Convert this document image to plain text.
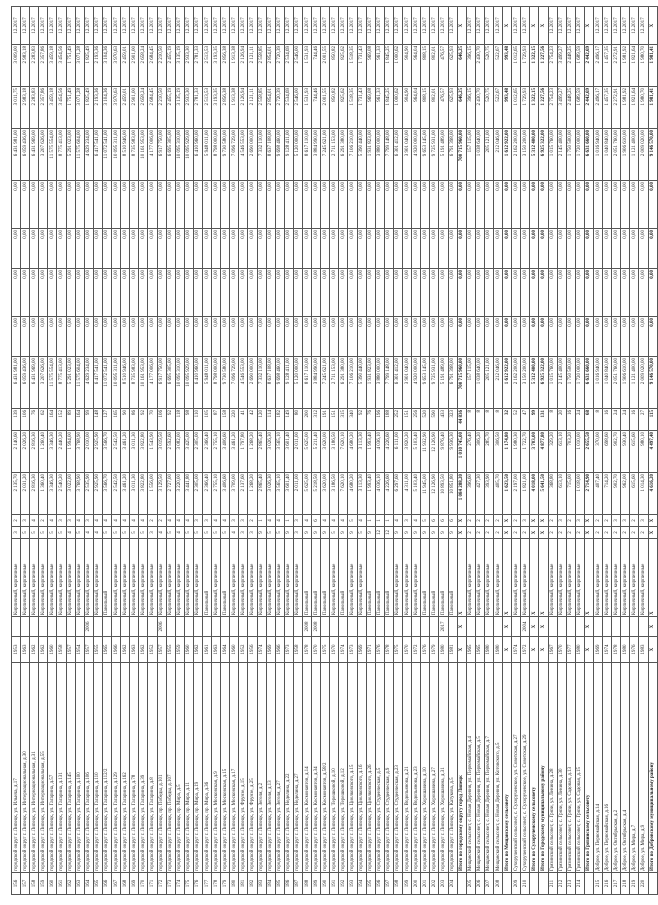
156	городской округ г. Липецк, ул. Ильича, д.17	1953		Кирпичный, кирпичные	3	2	2 135,70	2 140,60	139	6 431 981,00	0,00	0,00	0,00	0,00	6 431 981,00	3 011,75	3 009,00	12.2017
157	городской округ г. Липецк, ул. Интернациональная, д.30	1963		Кирпичный, кирпичные	5	3	2 031,20	2 026,20	106	6 059 436,00	0,00	0,00	0,00	0,00	6 059 436,00	2 983,18	2 983,18	12.2017
158	городской округ г. Липецк, ул. Интернациональная, д.31	1962		Кирпичный, кирпичные	5	4	2 816,30	2 816,30	76	6 431 969,00	0,00	0,00	0,00	0,00	6 431 969,00	2 283,83	2 283,83	12.2017
159	городской округ г. Липецк, ул. Интернациональная, д.55	1962		Кирпичный, кирпичные	5	2	1 360,40	1 260,40	62	3 207 626,00	0,00	0,00	0,00	0,00	3 207 626,00	2 357,86	2 357,86	12.2017
160	городской округ г. Липецк, ул. Гагарина, д.57	1960		Кирпичный, кирпичные	5	4	3 346,30	3 346,30	164	11 575 554,00	0,00	0,00	0,00	0,00	11 575 554,00	3 459,18	3 459,18	12.2017
161	городской округ г. Липецк, ул. Гагарина, д.131	1958		Кирпичный, кирпичные	5	3	2 540,20	2 440,20	152	8 775 413,00	0,00	0,00	0,00	0,00	8 775 413,00	3 454,56	3 454,56	12.2017
162	городской округ г. Липецк, ул. Гагарина, д.145	1957		Кирпичный, кирпичные	4	3	3 022,00	1 994,00	89	5 291 023,00	0,00	0,00	0,00	0,00	5 291 023,00	1 751,49	1 751,49	12.2017
163	городской округ г. Липецк, ул. Гагарина, д.100	1954		Кирпичный, кирпичные	5	4	3 768,90	3 768,90	164	11 575 604,00	0,00	0,00	0,00	0,00	11 575 604,00	3 071,28	3 071,28	12.2017
164	городской округ г. Липецк, ул. Гагарина, д.106	1957	2006	Кирпичный, кирпичные	4	3	2 535,90	2 010,00	99	4 629 234,00	0,00	0,00	0,00	0,00	4 629 234,00	1 825,49	1 825,49	12.2017
165	городской округ г. Липецк, ул. Гагарина, д.110	1955		Кирпичный, кирпичные	4	4	2 925,90	2 925,90	148	6 417 541,00	0,00	0,00	0,00	0,00	6 417 541,00	2 193,36	2 193,36	12.2017
166	городской округ г. Липецк, ул. Гагарина, д.112/2	1965		Панельный	5	4	3 566,70	3 566,70	127	11 072 541,00	0,00	0,00	0,00	0,00	11 072 541,00	3 104,36	3 104,36	12.2017
167	городской округ г. Липецк, ул. Гагарина, д.129	1966		Кирпичный, кирпичные	5	4	2 542,50	2 542,50	165	10 095 311,00	0,00	0,00	0,00	0,00	10 095 311,00	3 970,63	3 970,63	12.2017
168	городской округ г. Липецк, ул. Гагарина, д.162	1962		Кирпичный, кирпичные	5	4	3 461,20	3 461,20	90	8 510 946,00	0,00	0,00	0,00	0,00	8 510 946,00	2 459,01	2 459,01	12.2017
169	городской округ г. Липецк, ул. Гагарина, д.78	1963		Кирпичный, кирпичные	5	4	3 011,30	3 011,30	86	8 735 983,00	0,00	0,00	0,00	0,00	8 735 983,00	2 901,00	2 901,00	12.2017
170	городской округ г. Липецк, ул. Гагарина, д.39	1962		Кирпичный, кирпичные	5	4	3 822,80	3 822,80	92	10 161 953,00	0,00	0,00	0,00	0,00	10 161 953,00	2 658,24	2 658,24	12.2017
171	городской округ г. Липецк, ул. Гагарина, д.8	1952		Кирпичный, кирпичные	3	2	1 556,00	1 543,90	70	4 177 006,00	0,00	0,00	0,00	0,00	4 177 006,00	2 684,45	2 684,45	12.2017
172	городской округ г. Липецк, пр. Победы, д.101	1957	2006	Кирпичный, кирпичные	4	2	3 129,50	3 019,50	106	6 917 750,00	0,00	0,00	0,00	0,00	6 917 750,00	2 210,50	2 210,50	12.2017
173	городской округ г. Липецк, пр. Победы, д.107	1955		Кирпичный, кирпичные	5	4	2 727,00	2 592,60	92	6 695 305,00	0,00	0,00	0,00	0,00	6 695 305,00	2 455,19	2 455,19	12.2017
174	городской округ г. Липецк, пр. Мира, д.5	1959		Кирпичный, кирпичные	4	4	3 220,00	3 082,00	118	10 095 310,00	0,00	0,00	0,00	0,00	10 095 310,00	3 135,19	3 135,19	12.2017
175	городской округ г. Липецк, пр. Мира, д.11	1960		Кирпичный, кирпичные	5	4	3 441,80	3 425,00	98	10 095 929,00	0,00	0,00	0,00	0,00	10 095 929,00	2 933,30	2 933,30	12.2017
176	городской округ г. Липецк, пр. Мира, д.19	1962		Кирпичный, кирпичные	5	3	2 305,00	2 305,00	110	6 410 960,00	0,00	0,00	0,00	0,00	6 410 960,00	2 781,33	2 781,33	12.2017
177	городской округ г. Липецк, пр. Мира, д.36	1961		Панельный	5	3	2 366,40	2 366,40	105	5 948 011,00	0,00	0,00	0,00	0,00	5 948 011,00	2 513,53	2 513,53	12.2017
178	городской округ г. Липецк, ул. Московская, д.9	1963		Кирпичный, кирпичные	5	4	2 755,10	2 755,10	87	8 798 000,00	0,00	0,00	0,00	0,00	8 798 000,00	3 193,35	3 193,35	12.2017
179	городской округ г. Липецк, ул. Московская, д.15	1964		Панельный	5	4	3 406,60	3 406,60	158	9 730 580,00	0,00	0,00	0,00	0,00	9 730 580,00	2 856,38	2 856,38	12.2017
180	городской округ г. Липецк, ул. Московская, д.17	1960		Кирпичный, кирпичные	4	3	3 709,00	3 461,20	220	7 096 729,00	0,00	0,00	0,00	0,00	7 096 729,00	1 913,38	1 913,38	12.2017
181	городской округ г. Липецк, ул. Фрунзе, д.15	1952		Кирпичный, кирпичные	3	3	2 137,60	1 797,80	41	4 546 553,00	0,00	0,00	0,00	0,00	4 546 553,00	2 126,94	2 126,94	12.2017
182	городской округ г. Липецк, ул. Фрунзе, д.25	1956		Кирпичный, кирпичные	3	2	1 268,20	1 268,20	42	2 690 000,00	0,00	0,00	0,00	0,00	2 690 000,00	2 121,11	2 121,11	12.2017
183	городской округ г. Липецк, ул. Зегеля, д.2	1974		Кирпичный, кирпичные	9	1	2 865,40	2 865,40	120	7 332 110,00	0,00	0,00	0,00	0,00	7 332 110,00	2 558,85	2 558,85	12.2017
184	городской округ г. Липецк, ул. Зегеля, д.13	1969		Кирпичный, кирпичные	5	4	3 026,30	3 026,30	114	8 637 108,00	0,00	0,00	0,00	0,00	8 637 108,00	2 854,01	2 854,01	12.2017
185	городской округ г. Липецк, ул. Зегеля, д.27	1966		Кирпичный, кирпичные	5	4	3 565,10	3 565,10	182	9 698 460,00	0,00	0,00	0,00	0,00	9 698 460,00	2 720,39	2 720,39	12.2017
186	городской округ г. Липецк, ул. Неделина, д.22	1973		Кирпичный, кирпичные	9	1	3 601,40	3 601,40	149	9 128 411,00	0,00	0,00	0,00	0,00	9 128 411,00	2 534,69	2 534,69	12.2017
187	городской округ г. Липецк, ул. Неделина, д.27	1958		Кирпичный, кирпичные	3	3	2 011,00	2 011,00	80	5 120 000,00	0,00	0,00	0,00	0,00	5 120 000,00	2 546,00	2 546,00	12.2017
188	городской округ г. Липецк, ул. Космонавтов, д.14	1978	2008	Панельный	9	4	5 625,00	5 625,00	200	8 617 110,00	0,00	0,00	0,00	0,00	8 617 110,00	1 531,93	1 531,93	12.2017
189	городской округ г. Липецк, ул. Космонавтов, д.34	1970	2008	Панельный	9	6	5 218,50	5 211,40	312	3 884 990,00	0,00	0,00	0,00	0,00	3 884 990,00	744,46	744,46	12.2017
190	городской округ г. Липецк, ул. Космонавтов, д.58/2	1975		Панельный	9	4	3 620,00	3 620,00	191	7 245 621,00	0,00	0,00	0,00	0,00	7 245 621,00	2 001,55	2 001,55	12.2017
191	городской округ г. Липецк, ул. Терешковой, д.10	1970		Кирпичный, кирпичные	5	4	3 186,50	3 186,50	151	2 711 153,00	0,00	0,00	0,00	0,00	2 711 153,00	850,82	850,82	12.2017
192	городской округ г. Липецк, ул. Терешковой, д.12	1974		Панельный	9	4	7 620,10	7 620,10	315	6 291 380,00	0,00	0,00	0,00	0,00	6 291 380,00	825,62	825,62	12.2017
193	городской округ г. Липецк, ул. Циолковского, д.15	1973		Кирпичный, кирпичные	9	5	4 680,20	4 680,20	340	7 106 210,00	0,00	0,00	0,00	0,00	7 106 210,00	1 518,35	1 518,35	12.2017
194	городской округ г. Липецк, ул. Циолковского, д.16	1969		Кирпичный, кирпичные	5	4	3 113,30	3 113,30	92	5 390 440,00	0,00	0,00	0,00	0,00	5 390 440,00	1 731,43	1 731,43	12.2017
195	городской округ г. Липецк, ул. Циолковского, д.26	1971		Панельный	9	1	1 993,40	1 993,40	76	1 931 823,00	0,00	0,00	0,00	0,00	1 931 823,00	969,08	969,08	12.2017
196	городской округ г. Липецк, ул. Студенческая, д.5	1976		Панельный	12	1	4 036,10	4 036,10	196	3 880 000,00	0,00	0,00	0,00	0,00	3 880 000,00	961,33	961,33	12.2017
197	городской округ г. Липецк, ул. Студенческая, д.9	1978		Панельный	12	1	4 226,60	4 226,60	188	7 799 148,00	0,00	0,00	0,00	0,00	7 799 148,00	1 845,25	1 845,25	12.2017
198	городской округ г. Липецк, ул. Студенческая, д.23	1975		Кирпичный, кирпичные	9	4	6 297,60	6 111,00	252	6 301 412,00	0,00	0,00	0,00	0,00	6 301 412,00	1 000,62	1 000,62	12.2017
199	городской округ г. Липецк, ул. Водопьянова, д.21	1970		Кирпичный, кирпичные	9	3	4 311,00	3 820,20	151	3 901 040,00	0,00	0,00	0,00	0,00	3 901 040,00	904,90	904,90	12.2017
200	городской округ г. Липецк, ул. Водопьянова, д.23	1972		Кирпичный, кирпичные	9	4	5 103,40	5 103,40	256	4 920 000,00	0,00	0,00	0,00	0,00	4 920 000,00	964,04	964,04	12.2017
201	городской округ г. Липецк, ул. Хорошавина, д.10	1976		Панельный	9	5	11 945,00	11 932,90	520	9 653 145,00	0,00	0,00	0,00	0,00	9 653 145,00	808,15	808,15	12.2017
202	городской округ г. Липецк, ул. Хорошавина, д.27	1979		Панельный	9	6	12 126,90	12 126,90	590	9 725 931,00	0,00	0,00	0,00	0,00	9 725 931,00	802,01	802,01	12.2017
203	городской округ г. Липецк, ул. Хорошавина, д.31	1980	2017	Панельный	9	6	10 893,50	9 876,40	433	5 191 489,00	0,00	0,00	0,00	0,00	5 191 489,00	476,57	476,57	12.2017
204	городской округ г. Липецк, ул. Катукова, д.5	1981		Панельный	9	6	10 851,80	9 936,30	323	6 791 398,00	0,00	0,00	0,00	0,00	6 791 398,00	625,93	625,93	12.2017
	Итого по городскому округу город Липецк	Х	Х	Х	Х	Х	1 084 288,20	1 010 745,00	44 836	700 715 960,00	0,00	0,00	0,00	0,00	700 715 960,00	646,25	646,25	Х
205	Мещанский сельсовет, с. Новая Деревня, ул. Первомайская, д.4	1965		Кирпичный, кирпичные	2	2	396,60	276,40	8	157 115,00	0,00	0,00	0,00	0,00	157 115,00	396,15	396,15	12.2017
206	Мещанский сельсовет, с. Новая Деревня, ул. Первомайская, д.5	1965		Кирпичный, кирпичные	2	2	427,30	306,20	8	1 038 640,00	0,00	0,00	0,00	0,00	1 038 640,00	2 430,70	2 430,70	12.2017
207	Мещанский сельсовет, с. Новая Деревня, ул. Первомайская, д.7	1980		Кирпичный, кирпичные	2	2	393,90	285,70	8	205 121,00	0,00	0,00	0,00	0,00	205 121,00	520,75	520,75	12.2017
208	Мещанский сельсовет, с. Новая Деревня, ул. Котовского, д.5	1980		Кирпичный, кирпичные	2	2	405,70	306,50	8	212 046,00	0,00	0,00	0,00	0,00	212 046,00	522,67	522,67	12.2017
	Итого по Мещанскому сельсовету	Х	Х	Х	Х	Х	1 623,50	1 174,80	32	1 612 922,00	0,00	0,00	0,00	0,00	1 612 922,00	993,48	993,48	Х
209	Сухорученский сельсовет, с. Сухорученское, ул. Советская, д.27	1974		Кирпичный, кирпичные	2	2	2 197,00	1 980,30	52	2 162 200,00	0,00	0,00	0,00	0,00	2 162 200,00	1 012,65	1 012,65	12.2017
210	Сухорученский сельсовет, с. Сухорученское, ул. Советская, д.29	1972	2004	Кирпичный, кирпичные	2	3	1 821,00	1 722,70	47	3 150 200,00	0,00	0,00	0,00	0,00	3 150 200,00	1 729,93	1 729,93	12.2017
	Итого по Сухорученскому сельсовету	Х	Х	Х	Х	Х	4 018,00	3 703,00	99	5 312 400,00	0,00	0,00	0,00	0,00	5 312 400,00	1 322,15	1 322,15	Х
	Итого по Городскому муниципальному району	Х	Х	Х	Х	Х	5 641,50	4 877,80	131	6 925 322,00	0,00	0,00	0,00	0,00	6 925 322,00	1 227,56	1 227,56	Х
211	Грязинский сельсовет, с. Грязи, ул. Ленина, д.28	1967		Кирпичный, кирпичные	2	2	368,80	329,20	8	1 015 760,00	0,00	0,00	0,00	0,00	1 015 760,00	2 754,23	2 754,23	12.2017
212	Грязинский сельсовет, с. Грязи, ул. Ленина, д.30	1970		Кирпичный, кирпичные	2	3	613,10	613,10	20	2 145 400,00	0,00	0,00	0,00	0,00	2 145 400,00	3 499,27	3 499,27	12.2017
213	Грязинский сельсовет, с. Грязи, ул. Садовая, д.13	1977		Кирпичный, кирпичные	2	2	715,00	703,20	16	1 750 500,00	0,00	0,00	0,00	0,00	1 750 500,00	2 448,25	2 448,25	12.2017
214	Грязинский сельсовет, с. Грязи, ул. Садовая, д.15	1980		Кирпичный, кирпичные	2	3	1 018,00	1 010,00	24	1 720 000,00	0,00	0,00	0,00	0,00	1 720 000,00	1 689,59	1 689,59	12.2017
	Итого по Грязинскому сельсовету	Х	Х	Х	Х	Х	2 714,90	2 655,50	68	6 631 660,00	0,00	0,00	0,00	0,00	6 631 660,00	2 442,69	2 442,69	Х
215	Доброе, ул. Первомайская, д.14	1969		Кирпичный, кирпичные	2	2	407,40	370,00	8	1 016 940,00	0,00	0,00	0,00	0,00	1 016 940,00	2 496,17	2 496,17	12.2017
216	Доброе, ул. Первомайская, д.16	1974		Кирпичный, кирпичные	2	2	714,20	698,60	16	1 040 840,00	0,00	0,00	0,00	0,00	1 040 840,00	1 457,35	1 457,35	12.2017
217	Доброе, ул. Октябрьская, д.2	1978		Кирпичный, кирпичные	2	3	902,70	902,70	24	2 051 760,00	0,00	0,00	0,00	0,00	2 051 760,00	2 272,91	2 272,91	12.2017
218	Доброе, ул. Октябрьская, д.4	1980		Кирпичный, кирпичные	2	3	962,00	930,40	24	1 906 610,00	0,00	0,00	0,00	0,00	1 906 610,00	1 981,92	1 981,92	12.2017
219	Доброе, ул. Мира, д.7	1976		Кирпичный, кирпичные	2	2	615,60	615,60	16	1 121 400,00	0,00	0,00	0,00	0,00	1 121 400,00	1 821,64	1 821,64	12.2017
220	Доброе, ул. Мира, д.9	1983		Кирпичный, кирпичные	2	3	1 014,30	980,10	27	2 009 020,00	0,00	0,00	0,00	0,00	2 009 020,00	1 980,70	1 980,70	12.2017
	Итого по Добровскому муниципальному району	Х	Х	Х	Х	Х	4 616,20	4 497,40	115	9 146 570,00	0,00	0,00	0,00	0,00	9 146 570,00	1 981,41	1 981,41	Х
